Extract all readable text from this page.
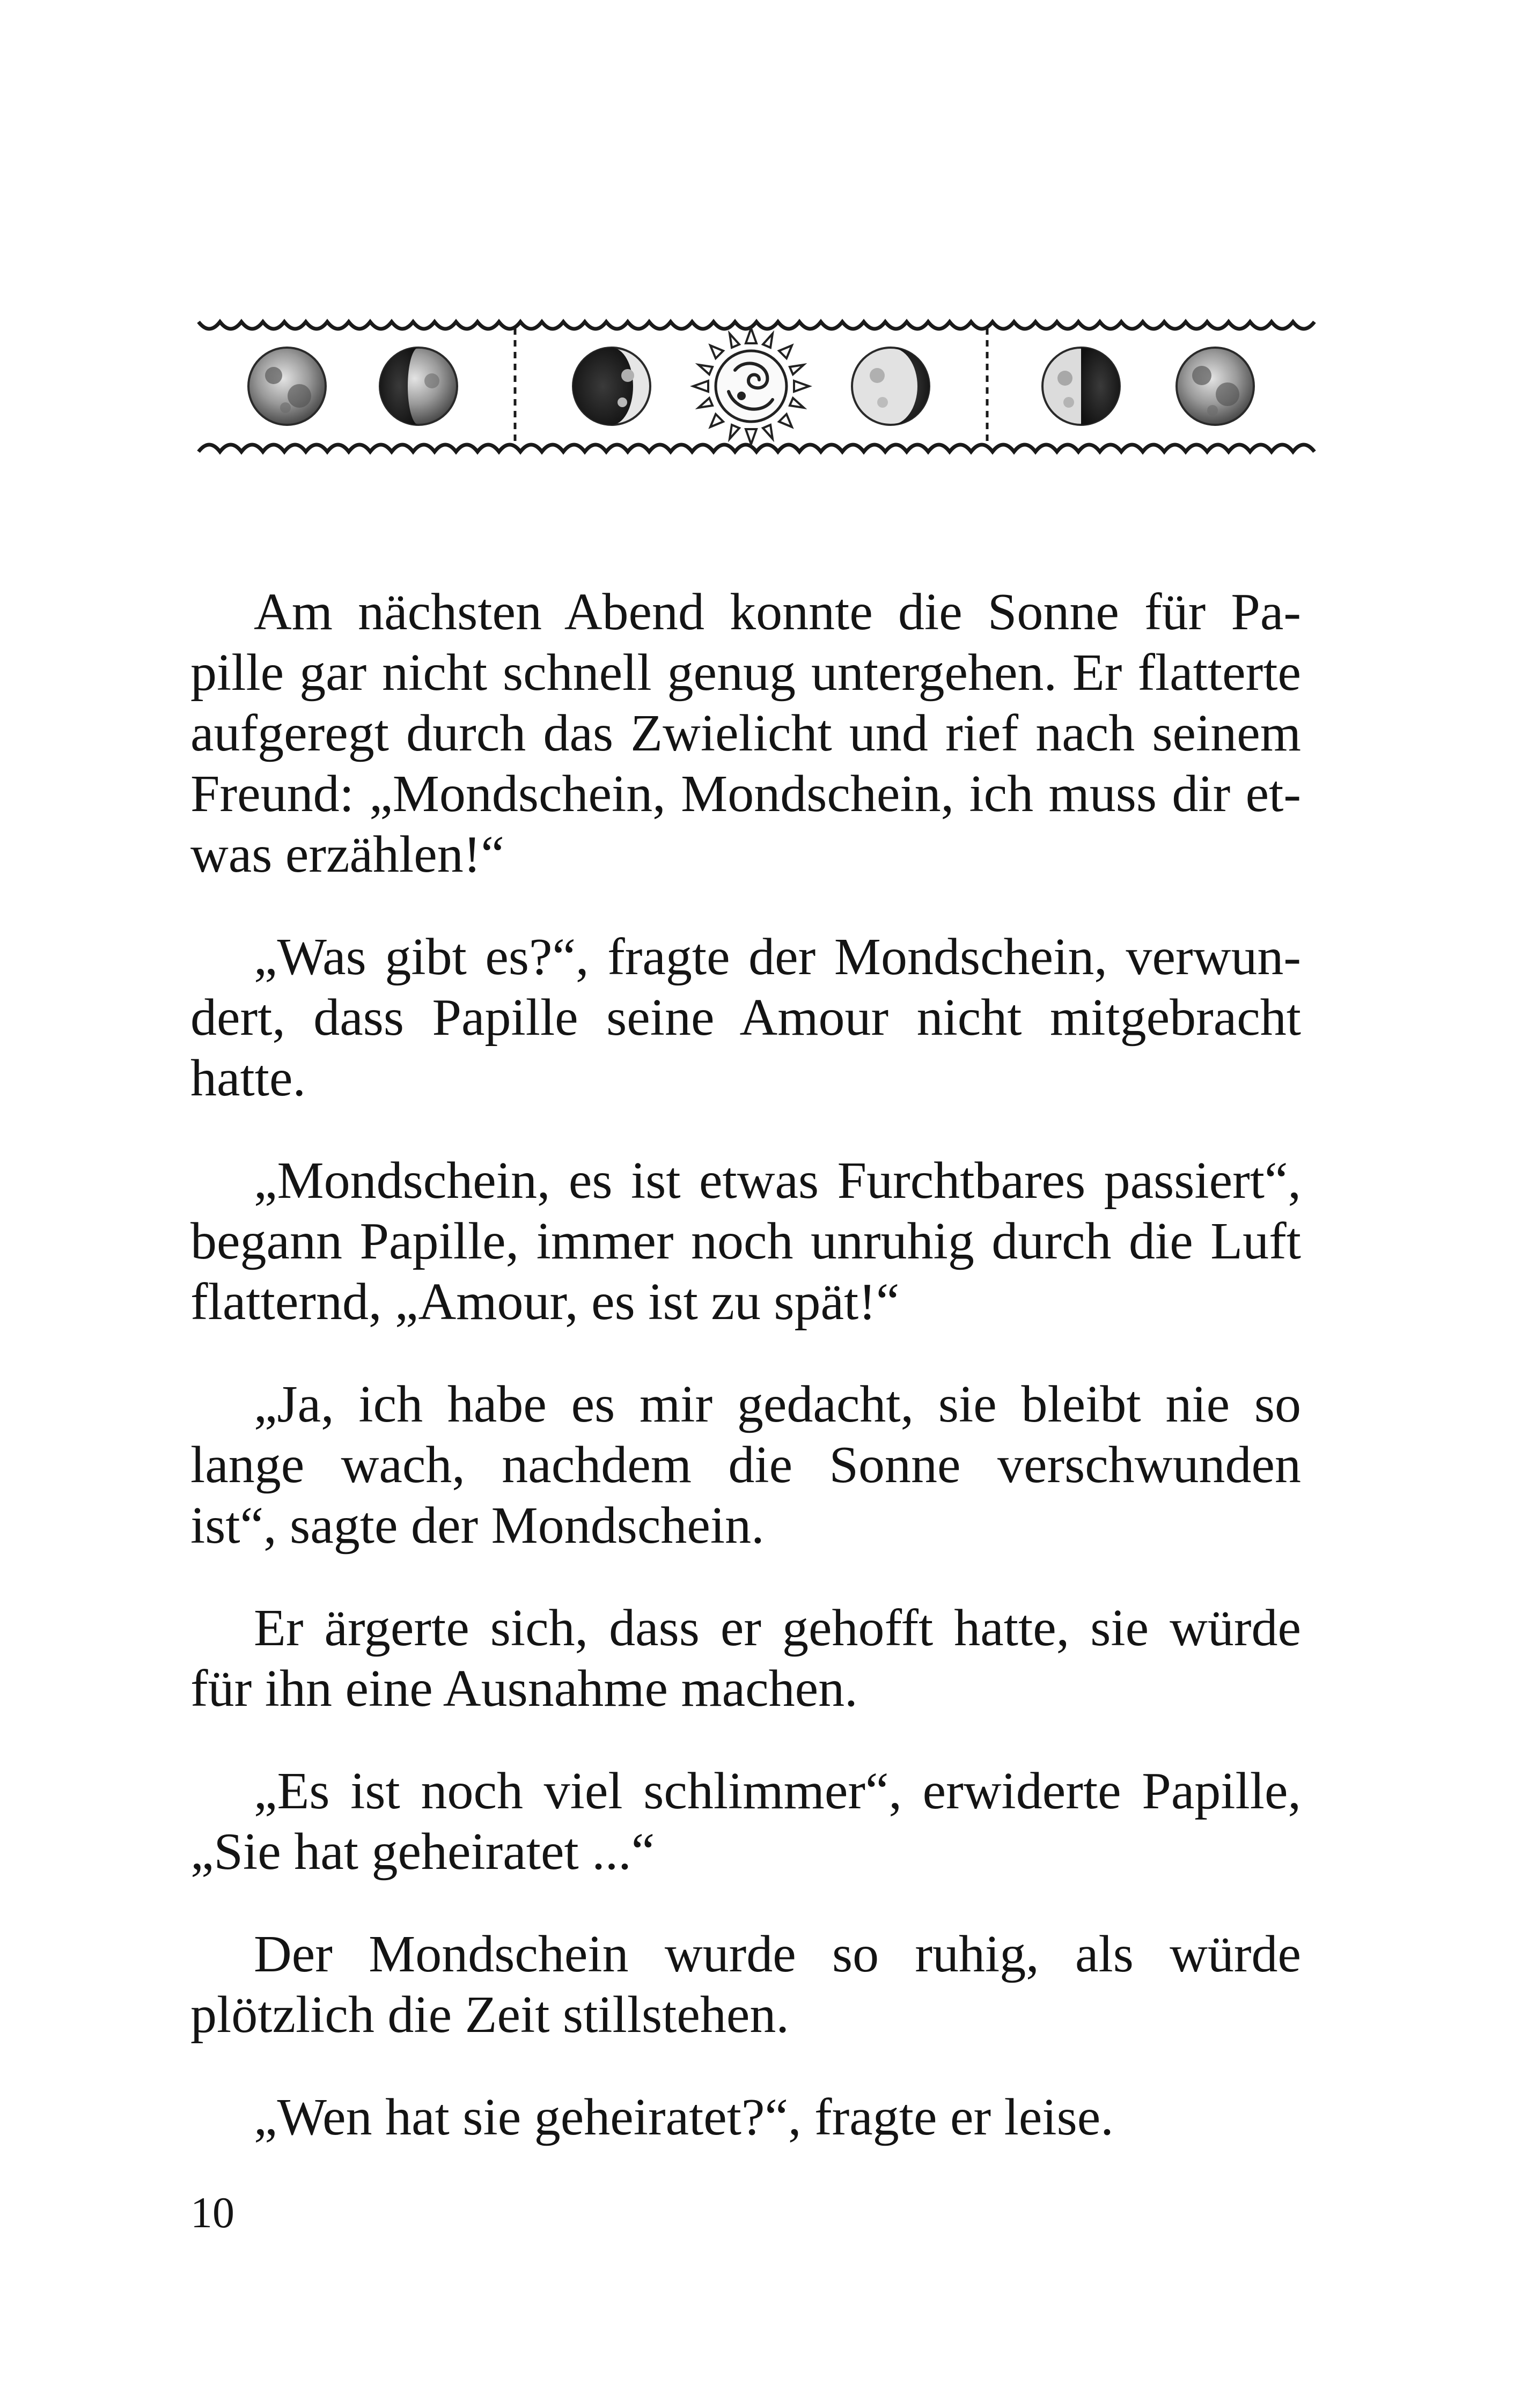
Am nächsten Abend konnte die Sonne für Pa-
pille gar nicht schnell genug untergehen. Er flatterte
aufgeregt durch das Zwielicht und rief nach seinem
Freund: „Mondschein, Mondschein, ich muss dir et-
was erzählen!“
„Was gibt es?“, fragte der Mondschein, verwun-
dert, dass Papille seine Amour nicht mitgebracht
hatte.
„Mondschein, es ist etwas Furchtbares passiert“,
begann Papille, immer noch unruhig durch die Luft
flatternd, „Amour, es ist zu spät!“
„Ja, ich habe es mir gedacht, sie bleibt nie so
lange wach, nachdem die Sonne verschwunden
ist“, sagte der Mondschein.
Er ärgerte sich, dass er gehofft hatte, sie würde
für ihn eine Ausnahme machen.
„Es ist noch viel schlimmer“, erwiderte Papille,
„Sie hat geheiratet ...“
Der Mondschein wurde so ruhig, als würde
plötzlich die Zeit stillstehen.
„Wen hat sie geheiratet?“, fragte er leise.
10
